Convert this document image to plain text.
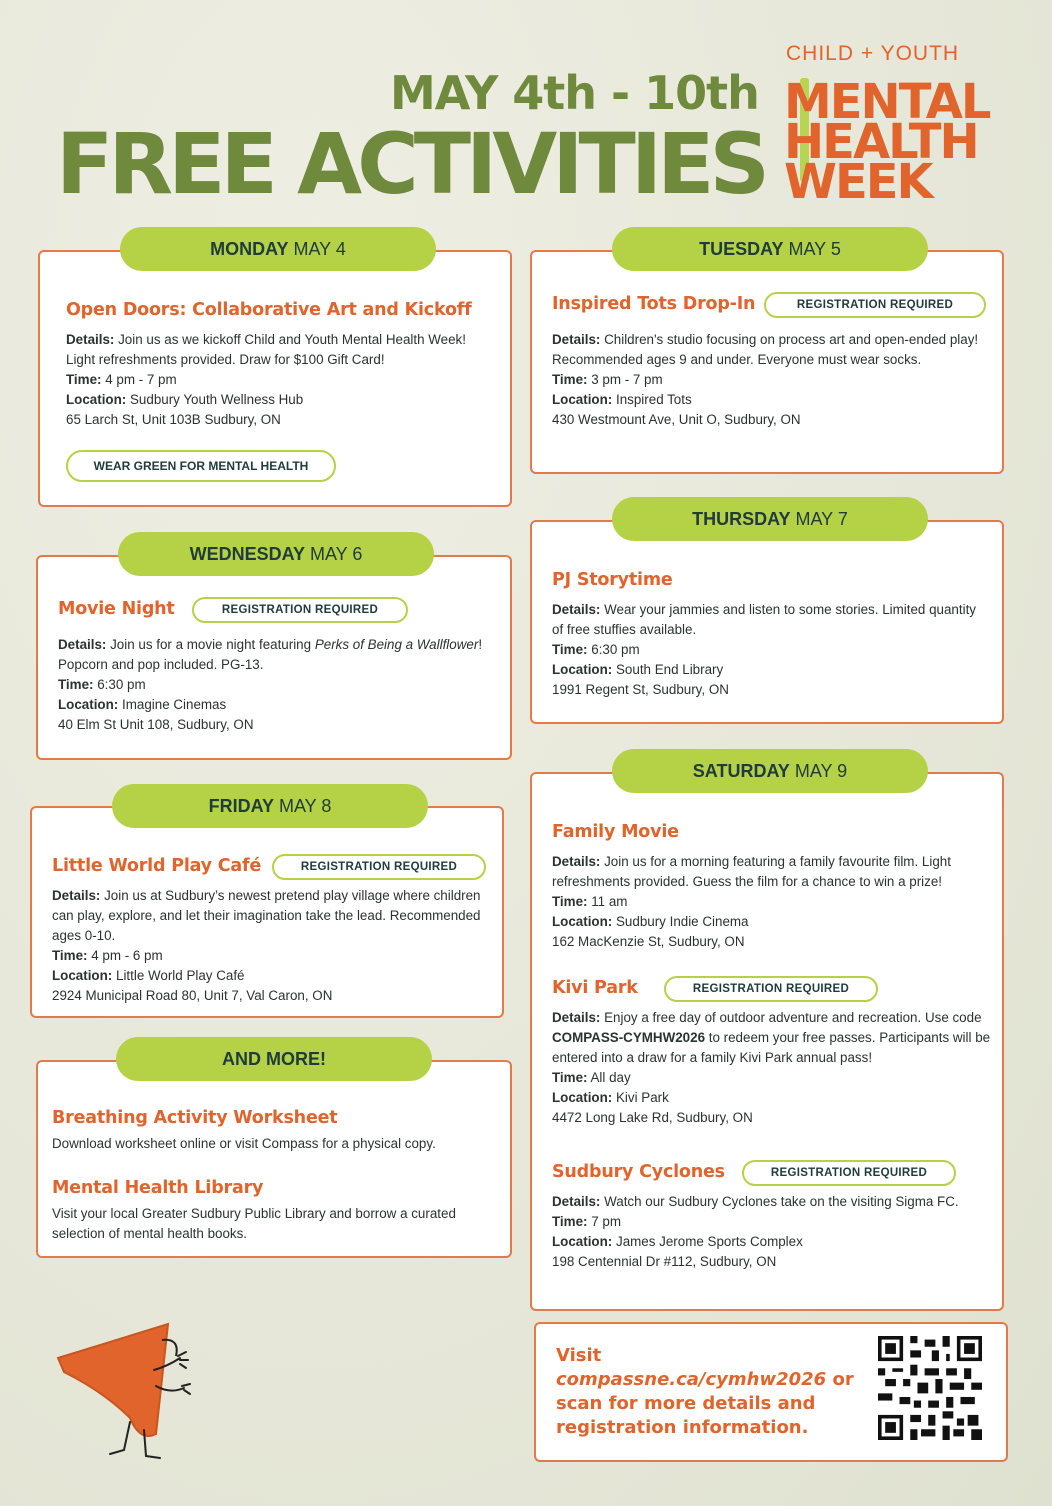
MAY 4th - 10th
FREE ACTIVITIES
CHILD + YOUTH
MENTAL
HEALTH
WEEK
Open Doors: Collaborative Art and Kickoff
Details: Join us as we kickoff Child and Youth Mental Health Week! Light refreshments provided. Draw for $100 Gift Card!
Time: 4 pm - 7 pm
Location: Sudbury Youth Wellness Hub
65 Larch St, Unit 103B Sudbury, ON
WEAR GREEN FOR MENTAL HEALTH
MONDAY MAY 4
Inspired Tots Drop-In	REGISTRATION REQUIRED
Details: Children's studio focusing on process art and open-ended play! Recommended ages 9 and under. Everyone must wear socks.
Time: 3 pm - 7 pm
Location: Inspired Tots
430 Westmount Ave, Unit O, Sudbury, ON
TUESDAY MAY 5
Movie Night	REGISTRATION REQUIRED
Details: Join us for a movie night featuring Perks of Being a Wallflower! Popcorn and pop included. PG-13.
Time: 6:30 pm
Location: Imagine Cinemas
40 Elm St Unit 108, Sudbury, ON
WEDNESDAY MAY 6
PJ Storytime
Details: Wear your jammies and listen to some stories. Limited quantity of free stuffies available.
Time: 6:30 pm
Location: South End Library
1991 Regent St, Sudbury, ON
THURSDAY MAY 7
Little World Play Café	REGISTRATION REQUIRED
Details: Join us at Sudbury’s newest pretend play village where children can play, explore, and let their imagination take the lead. Recommended ages 0-10.
Time: 4 pm - 6 pm
Location: Little World Play Café
2924 Municipal Road 80, Unit 7, Val Caron, ON
FRIDAY MAY 8
Breathing Activity Worksheet
Download worksheet online or visit Compass for a physical copy.
Mental Health Library
Visit your local Greater Sudbury Public Library and borrow a curated selection of mental health books.
AND MORE!
Family Movie
Details: Join us for a morning featuring a family favourite film. Light refreshments provided. Guess the film for a chance to win a prize!
Time: 11 am
Location: Sudbury Indie Cinema
162 MacKenzie St, Sudbury, ON
Kivi Park	REGISTRATION REQUIRED
Details: Enjoy a free day of outdoor adventure and recreation. Use code COMPASS-CYMHW2026 to redeem your free passes. Participants will be entered into a draw for a family Kivi Park annual pass!
Time: All day
Location: Kivi Park
4472 Long Lake Rd, Sudbury, ON
Sudbury Cyclones	REGISTRATION REQUIRED
Details: Watch our Sudbury Cyclones take on the visiting Sigma FC.
Time: 7 pm
Location: James Jerome Sports Complex
198 Centennial Dr #112, Sudbury, ON
SATURDAY MAY 9
Visit compassne.ca/cymhw2026 or scan for more details and registration information.
